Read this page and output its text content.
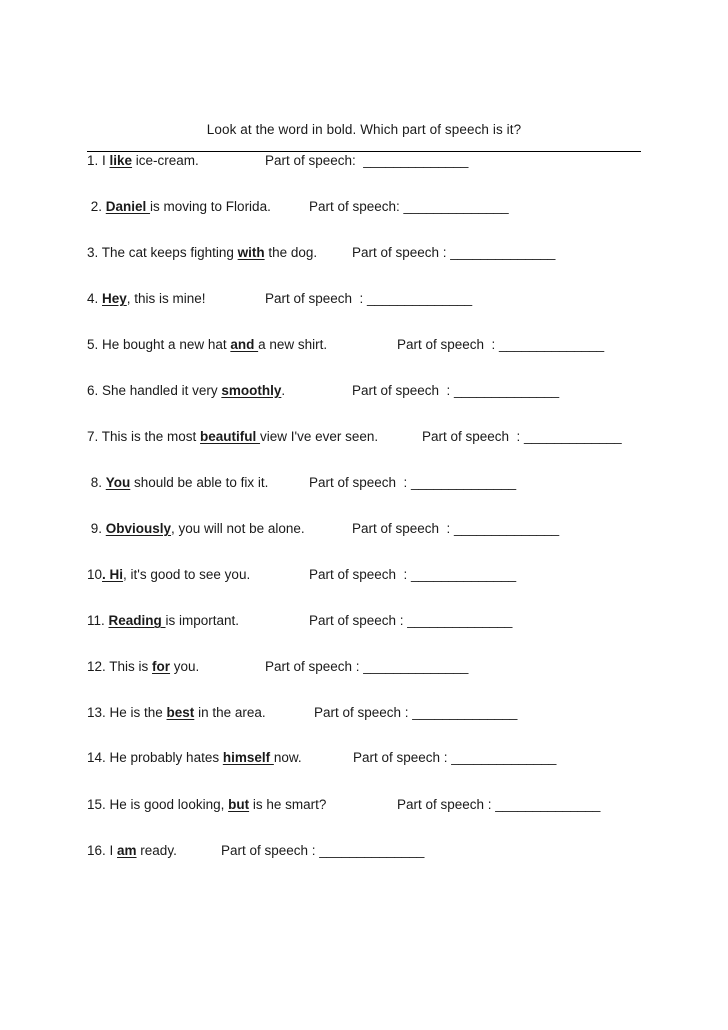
Look at the word in bold. Which part of speech is it?
1. I like ice-cream.	Part of speech:  ______________
2. Daniel is moving to Florida.	Part of speech: ______________
3. The cat keeps fighting with the dog.	Part of speech : ______________
4. Hey, this is mine!	Part of speech  : ______________
5. He bought a new hat and a new shirt.	Part of speech  : ______________
6. She handled it very smoothly.	Part of speech  : ______________
7. This is the most beautiful view I've ever seen.	Part of speech  : _____________
8. You should be able to fix it.	Part of speech  : ______________
9. Obviously, you will not be alone.	Part of speech  : ______________
10. Hi, it's good to see you.	Part of speech  : ______________
11. Reading is important.	Part of speech : ______________
12. This is for you.	Part of speech : ______________
13. He is the best in the area.	Part of speech : ______________
14. He probably hates himself now.	Part of speech : ______________
15. He is good looking, but is he smart?	Part of speech : ______________
16. I am ready.	Part of speech : ______________
